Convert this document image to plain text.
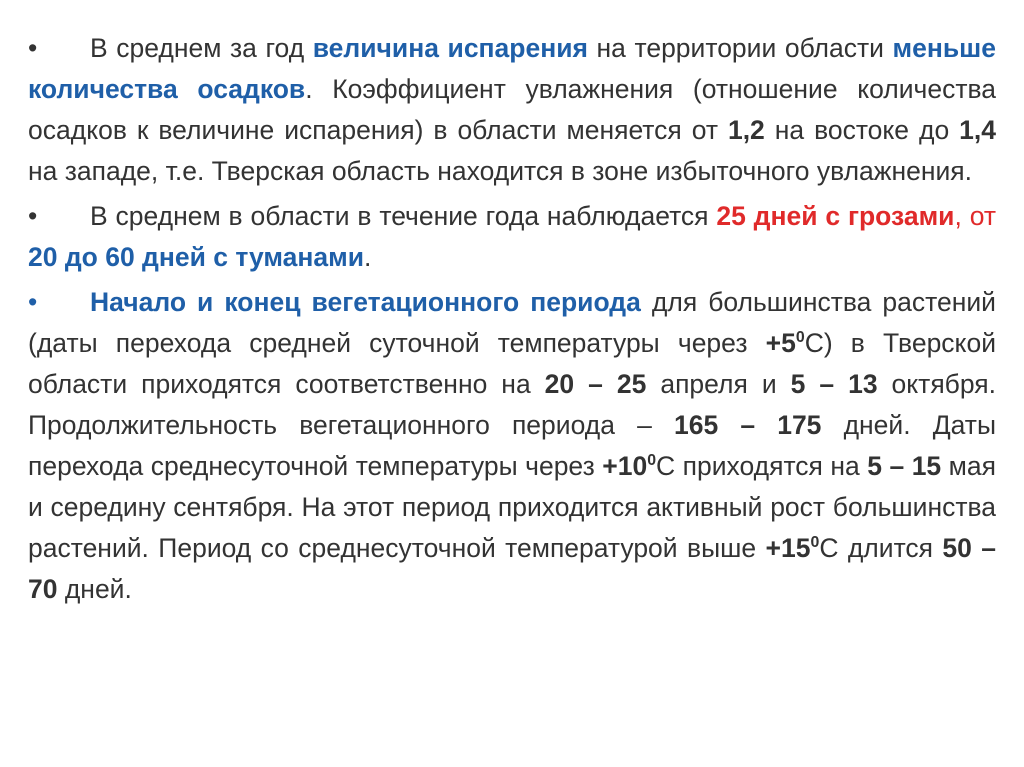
• В среднем за год величина испарения на территории области меньше количества осадков. Коэффициент увлажнения (отношение количества осадков к величине испарения) в области меняется от 1,2 на востоке до 1,4 на западе, т.е. Тверская область находится в зоне избыточного увлажнения.

• В среднем в области в течение года наблюдается 25 дней с грозами, от 20 до 60 дней с туманами.

• Начало и конец вегетационного периода для большинства растений (даты перехода средней суточной температуры через $+5^0С$) в Тверской области приходятся соответственно на 20 – 25 апреля и 5 – 13 октября. Продолжительность вегетационного периода – 165 – 175 дней. Даты перехода среднесуточной температуры через $+10^0С$ приходятся на 5 – 15 мая и середину сентября. На этот период приходится активный рост большинства растений. Период со среднесуточной температурой выше $+15^0С$ длится 50 – 70 дней.
